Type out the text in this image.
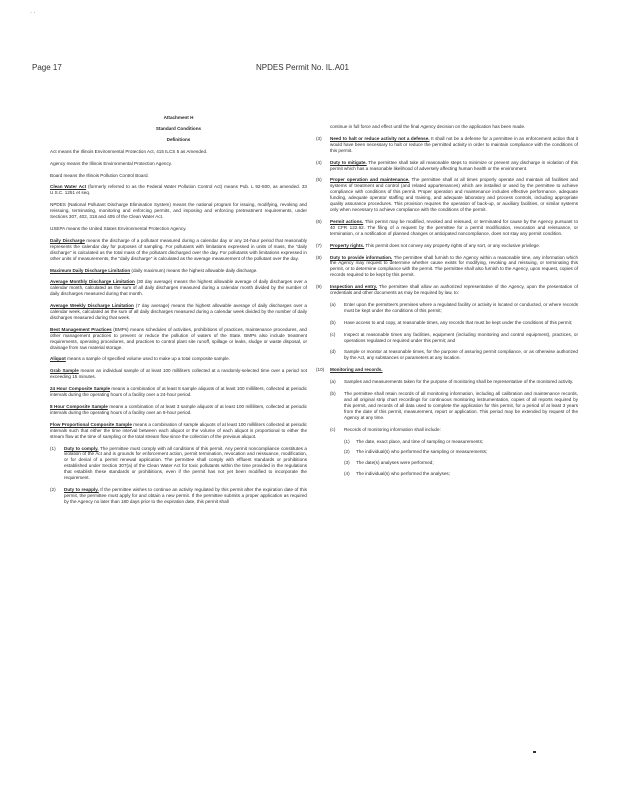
· ·
Page 17	NPDES Permit No. IL.A01
Attachment H
Standard Conditions
Definitions
Act means the Illinois Environmental Protection Act, 415 ILCS 5 as Amended.
Agency means the Illinois Environmental Protection Agency.
Board means the Illinois Pollution Control Board.
Clean Water Act (formerly referred to as the Federal Water Pollution Control Act) means Pub. L 92-500, as amended. 33 U.S.C. 1251 et seq.
NPDES (National Pollutant Discharge Elimination System) means the national program for issuing, modifying, revoking and reissuing, terminating, monitoring and enforcing permits, and imposing and enforcing pretreatment requirements, under Sections 307, 402, 318 and 405 of the Clean Water Act.
USEPA means the United States Environmental Protection Agency.
Daily Discharge means the discharge of a pollutant measured during a calendar day or any 24-hour period that reasonably represents the calendar day for purposes of sampling. For pollutants with limitations expressed in units of mass, the "daily discharge" is calculated as the total mass of the pollutant discharged over the day. For pollutants with limitations expressed in other units of measurements, the "daily discharge" is calculated as the average measurement of the pollutant over the day.
Maximum Daily Discharge Limitation (daily maximum) means the highest allowable daily discharge.
Average Monthly Discharge Limitation (30 day average) means the highest allowable average of daily discharges over a calendar month, calculated as the sum of all daily discharges measured during a calendar month divided by the number of daily discharges measured during that month.
Average Weekly Discharge Limitation (7 day average) means the highest allowable average of daily discharges over a calendar week, calculated as the sum of all daily discharges measured during a calendar week divided by the number of daily discharges measured during that week.
Best Management Practices (BMPs) means schedules of activities, prohibitions of practices, maintenance procedures, and other management practices to prevent or reduce the pollution of waters of the State. BMPs also include treatment requirements, operating procedures, and practices to control plant site runoff, spillage or leaks, sludge or waste disposal, or drainage from raw material storage.
Aliquot means a sample of specified volume used to make up a total composite sample.
Grab Sample means an individual sample of at least 100 milliliters collected at a randomly-selected time over a period not exceeding 15 minutes.
24 Hour Composite Sample means a combination of at least 8 sample aliquots of at least 100 milliliters, collected at periodic intervals during the operating hours of a facility over a 24-hour period.
8 Hour Composite Sample means a combination of at least 3 sample aliquots of at least 100 milliliters, collected at periodic intervals during the operating hours of a facility over an 8-hour period.
Flow Proportional Composite Sample means a combination of sample aliquots of at least 100 milliliters collected at periodic intervals such that either the time interval between each aliquot or the volume of each aliquot is proportional to either the stream flow at the time of sampling or the total stream flow since the collection of the previous aliquot.
(1)	Duty to comply. The permittee must comply with all conditions of this permit. Any permit noncompliance constitutes a violation of the Act and is grounds for enforcement action, permit termination, revocation and reissuance, modification, or for denial of a permit renewal application. The permittee shall comply with effluent standards or prohibitions established under Section 307(a) of the Clean Water Act for toxic pollutants within the time provided in the regulations that establish these standards or prohibitions, even if the permit has not yet been modified to incorporate the requirement.
(2)	Duty to reapply. If the permittee wishes to continue an activity regulated by this permit after the expiration date of this permit, the permittee must apply for and obtain a new permit. If the permittee submits a proper application as required by the Agency no later than 180 days prior to the expiration date, this permit shall
continue in full force and effect until the final Agency decision on the application has been made.
(3)	Need to halt or reduce activity not a defense. It shall not be a defense for a permittee in an enforcement action that it would have been necessary to halt or reduce the permitted activity in order to maintain compliance with the conditions of this permit.
(4)	Duty to mitigate. The permittee shall take all reasonable steps to minimize or prevent any discharge in violation of this permit which has a reasonable likelihood of adversely affecting human health or the environment.
(5)	Proper operation and maintenance. The permittee shall at all times properly operate and maintain all facilities and systems of treatment and control (and related appurtenances) which are installed or used by the permittee to achieve compliance with conditions of this permit. Proper operation and maintenance includes effective performance, adequate funding, adequate operator staffing and training, and adequate laboratory and process controls, including appropriate quality assurance procedures. This provision requires the operation of back-up, or auxiliary facilities, or similar systems only when necessary to achieve compliance with the conditions of the permit.
(6)	Permit actions. This permit may be modified, revoked and reissued, or terminated for cause by the Agency pursuant to 40 CFR 122.62. The filing of a request by the permittee for a permit modification, revocation and reissuance, or termination, or a notification of planned changes or anticipated noncompliance, does not stay any permit condition.
(7)	Property rights. This permit does not convey any property rights of any sort, or any exclusive privilege.
(8)	Duty to provide information. The permittee shall furnish to the Agency within a reasonable time, any information which the Agency may request to determine whether cause exists for modifying, revoking and reissuing, or terminating this permit, or to determine compliance with the permit. The permittee shall also furnish to the Agency, upon request, copies of records required to be kept by this permit.
(9)	Inspection and entry. The permittee shall allow an authorized representative of the Agency, upon the presentation of credentials and other documents as may be required by law, to:
(a)	Enter upon the permittee's premises where a regulated facility or activity is located or conducted, or where records must be kept under the conditions of this permit;
(b)	Have access to and copy, at reasonable times, any records that must be kept under the conditions of this permit;
(c)	Inspect at reasonable times any facilities, equipment (including monitoring and control equipment), practices, or operations regulated or required under this permit; and
(d)	Sample or monitor at reasonable times, for the purpose of assuring permit compliance, or as otherwise authorized by the Act, any substances or parameters at any location.
(10)	Monitoring and records.
(a)	Samples and measurements taken for the purpose of monitoring shall be representative of the monitored activity.
(b)	The permittee shall retain records of all monitoring information, including all calibration and maintenance records, and all original strip chart recordings for continuous monitoring instrumentation, copies of all reports required by this permit, and records of all data used to complete the application for this permit, for a period of at least 3 years from the date of this permit, measurement, report or application. This period may be extended by request of the Agency at any time.
(c)	Records of monitoring information shall include:
(1)	The date, exact place, and time of sampling or measurements;
(2)	The individual(s) who performed the sampling or measurements;
(3)	The date(s) analyses were performed;
(4)	The individual(s) who performed the analyses;
